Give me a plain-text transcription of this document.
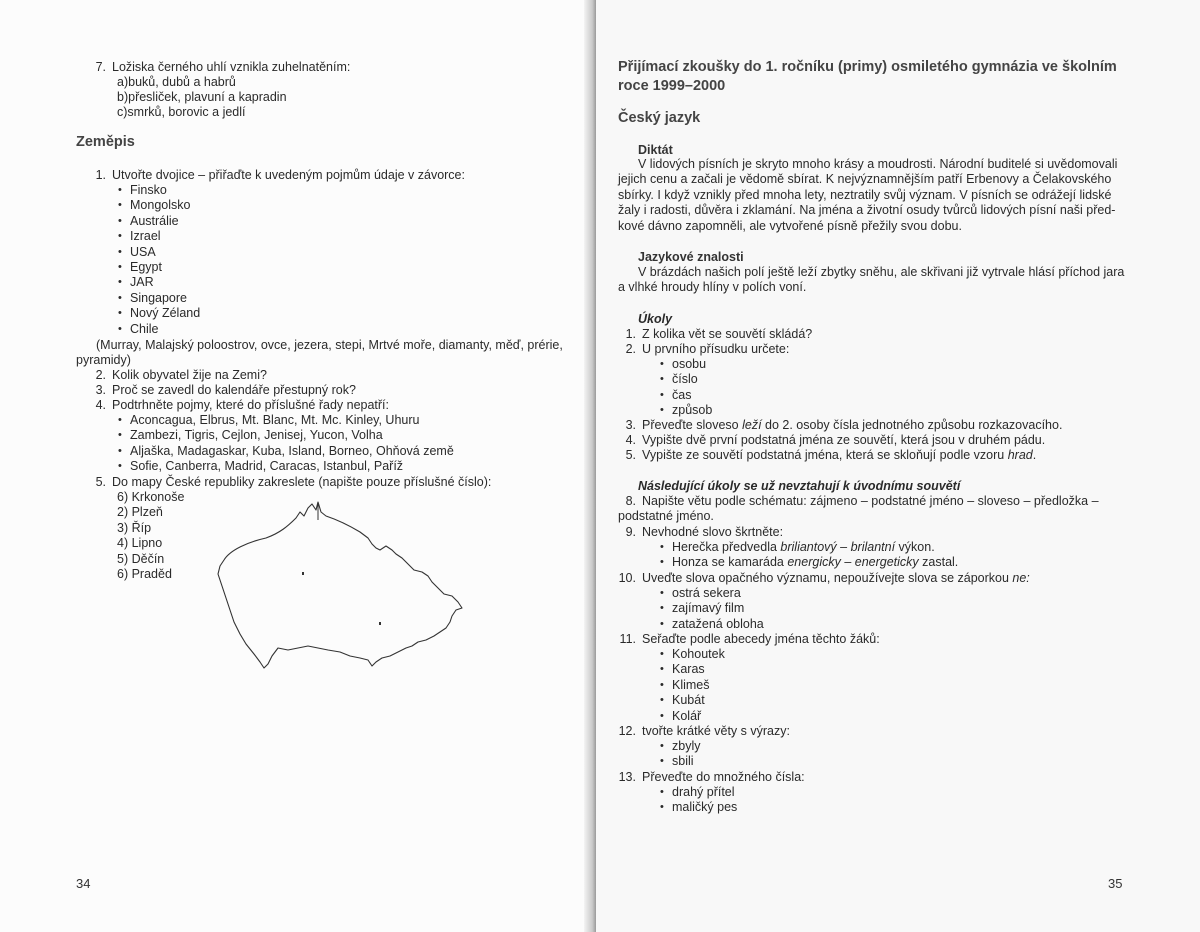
7. Ložiska černého uhlí vznikla zuhelnatěním:
a)buků, dubů a habrů
b)přesliček, plavuní a kapradin
c)smrků, borovic a jedlí
Zeměpis
1. Utvořte dvojice – přiřaďte k uvedeným pojmům údaje v závorce:
• Finsko
• Mongolsko
• Austrálie
• Izrael
• USA
• Egypt
• JAR
• Singapore
• Nový Zéland
• Chile
(Murray, Malajský poloostrov, ovce, jezera, stepi, Mrtvé moře, diamanty, měď, prérie,
pyramidy)
2. Kolik obyvatel žije na Zemi?
3. Proč se zavedl do kalendáře přestupný rok?
4. Podtrhněte pojmy, které do příslušné řady nepatří:
• Aconcagua, Elbrus, Mt. Blanc, Mt. Mc. Kinley, Uhuru
• Zambezi, Tigris, Cejlon, Jenisej, Yucon, Volha
• Aljaška, Madagaskar, Kuba, Island, Borneo, Ohňová země
• Sofie, Canberra, Madrid, Caracas, Istanbul, Paříž
5. Do mapy České republiky zakreslete (napište pouze příslušné číslo):
6) Krkonoše
2) Plzeň
3) Říp
4) Lipno
5) Děčín
6) Praděd
34
Přijímací zkoušky do 1. ročníku (primy) osmiletého gymnázia ve školním roce 1999–2000
Český jazyk
Diktát
V lidových písních je skryto mnoho krásy a moudrosti. Národní buditelé si uvědomovali jejich cenu a začali je vědomě sbírat. K nejvýznamnějším patří Erbenovy a Čelakovského sbírky. I když vznikly před mnoha lety, neztratily svůj význam. V písních se odrážejí lidské žaly i radosti, důvěra i zklamání. Na jména a životní osudy tvůrců lidových písní naši před-kové dávno zapomněli, ale vytvořené písně přežily svou dobu.
Jazykové znalosti
V brázdách našich polí ještě leží zbytky sněhu, ale skřivani již vytrvale hlásí příchod jara a vlhké hroudy hlíny v polích voní.
Úkoly
1. Z kolika vět se souvětí skládá?
2. U prvního přísudku určete:
• osobu
• číslo
• čas
• způsob
3. Převeďte sloveso leží do 2. osoby čísla jednotného způsobu rozkazovacího.
4. Vypište dvě první podstatná jména ze souvětí, která jsou v druhém pádu.
5. Vypište ze souvětí podstatná jména, která se skloňují podle vzoru hrad.
Následující úkoly se už nevztahují k úvodnímu souvětí
8. Napište větu podle schématu: zájmeno – podstatné jméno – sloveso – předložka –
podstatné jméno.
9. Nevhodné slovo škrtněte:
• Herečka předvedla briliantový – brilantní výkon.
• Honza se kamaráda energicky – energeticky zastal.
10. Uveďte slova opačného významu, nepoužívejte slova se záporkou ne:
• ostrá sekera
• zajímavý film
• zatažená obloha
11. Seřaďte podle abecedy jména těchto žáků:
• Kohoutek
• Karas
• Klimeš
• Kubát
• Kolář
12. tvořte krátké věty s výrazy:
• zbyly
• sbili
13. Převeďte do množného čísla:
• drahý přítel
• maličký pes
35
